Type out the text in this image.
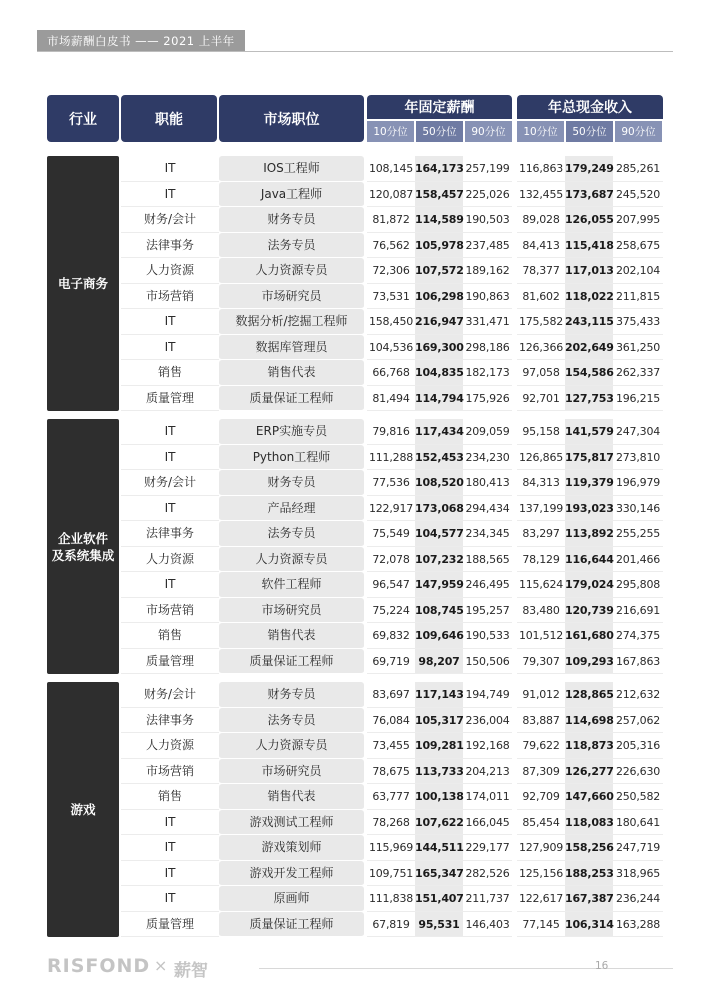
市场薪酬白皮书 —— 2021 上半年
行业	职能	市场职位
年固定薪酬
10分位	50分位	90分位
年总现金收入
10分位	50分位	90分位
电子商务
IT	IOS工程师	108,145 164,173 257,199 116,863 179,249 285,261
IT	Java工程师	120,087 158,457 225,026 132,455 173,687 245,520
财务/会计	财务专员	81,872 114,589 190,503	89,028 126,055 207,995
法律事务	法务专员	76,562 105,978 237,485	84,413 115,418 258,675
人力资源	人力资源专员	72,306 107,572 189,162	78,377 117,013 202,104
市场营销	市场研究员	73,531 106,298 190,863	81,602 118,022 211,815
IT	数据分析/挖掘工程师	158,450 216,947 331,471 175,582 243,115 375,433
IT	数据库管理员	104,536 169,300 298,186 126,366 202,649 361,250
销售	销售代表	66,768 104,835 182,173	97,058 154,586 262,337
质量管理	质量保证工程师	81,494 114,794 175,926	92,701 127,753 196,215
企业软件
及系统集成
IT	ERP实施专员	79,816 117,434 209,059	95,158 141,579 247,304
IT	Python工程师	111,288 152,453 234,230 126,865 175,817 273,810
财务/会计	财务专员	77,536 108,520 180,413	84,313 119,379 196,979
IT	产品经理	122,917 173,068 294,434 137,199 193,023 330,146
法律事务	法务专员	75,549 104,577 234,345	83,297 113,892 255,255
人力资源	人力资源专员	72,078 107,232 188,565	78,129 116,644 201,466
IT	软件工程师	96,547 147,959 246,495 115,624 179,024 295,808
市场营销	市场研究员	75,224 108,745 195,257	83,480 120,739 216,691
销售	销售代表	69,832 109,646 190,533 101,512 161,680 274,375
质量管理	质量保证工程师	69,719 98,207 150,506	79,307 109,293 167,863
游戏
财务/会计	财务专员	83,697 117,143 194,749	91,012 128,865 212,632
法律事务	法务专员	76,084 105,317 236,004	83,887 114,698 257,062
人力资源	人力资源专员	73,455 109,281 192,168	79,622 118,873 205,316
市场营销	市场研究员	78,675 113,733 204,213	87,309 126,277 226,630
销售	销售代表	63,777 100,138 174,011	92,709 147,660 250,582
IT	游戏测试工程师	78,268 107,622 166,045	85,454 118,083 180,641
IT	游戏策划师	115,969 144,511 229,177 127,909 158,256 247,719
IT	游戏开发工程师	109,751 165,347 282,526 125,156 188,253 318,965
IT	原画师	111,838 151,407 211,737 122,617 167,387 236,244
质量管理	质量保证工程师	67,819 95,531 146,403	77,145 106,314 163,288
RISFOND × 薪智	16
